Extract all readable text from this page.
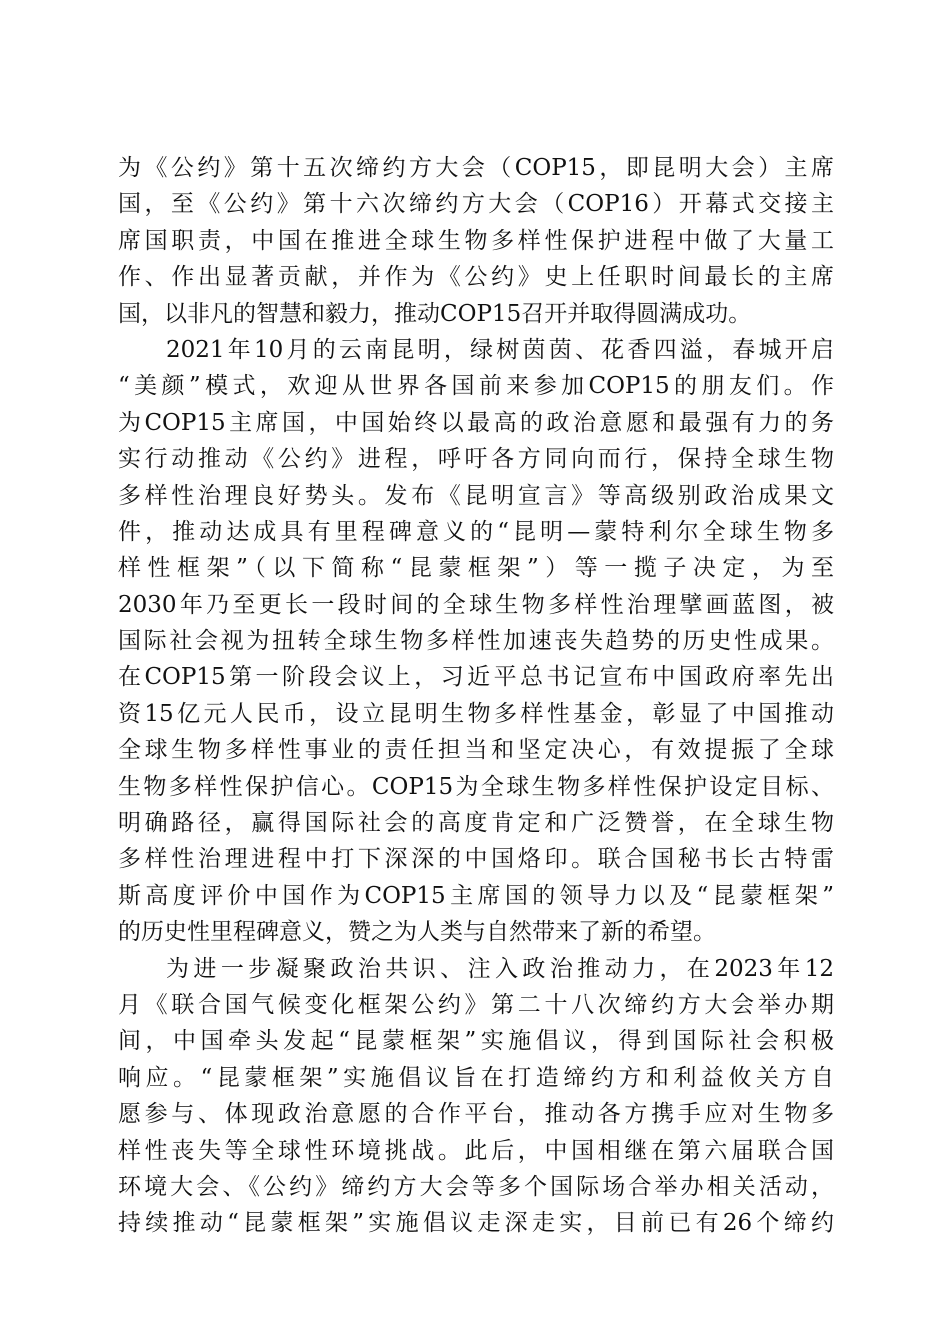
为《公约》第十五次缔约方大会（COP15，即昆明大会）主席
国，至《公约》第十六次缔约方大会（COP16）开幕式交接主
席国职责，中国在推进全球生物多样性保护进程中做了大量工
作、作出显著贡献，并作为《公约》史上任职时间最长的主席
国，以非凡的智慧和毅力，推动COP15召开并取得圆满成功。
2021年10月的云南昆明，绿树茵茵、花香四溢，春城开启
“美颜”模式，欢迎从世界各国前来参加COP15的朋友们。作
为COP15主席国，中国始终以最高的政治意愿和最强有力的务
实行动推动《公约》进程，呼吁各方同向而行，保持全球生物
多样性治理良好势头。发布《昆明宣言》等高级别政治成果文
件，推动达成具有里程碑意义的“昆明—蒙特利尔全球生物多
样性框架”（以下简称“昆蒙框架”）等一揽子决定，为至
2030年乃至更长一段时间的全球生物多样性治理擘画蓝图，被
国际社会视为扭转全球生物多样性加速丧失趋势的历史性成果。
在COP15第一阶段会议上，习近平总书记宣布中国政府率先出
资15亿元人民币，设立昆明生物多样性基金，彰显了中国推动
全球生物多样性事业的责任担当和坚定决心，有效提振了全球
生物多样性保护信心。COP15为全球生物多样性保护设定目标、
明确路径，赢得国际社会的高度肯定和广泛赞誉，在全球生物
多样性治理进程中打下深深的中国烙印。联合国秘书长古特雷
斯高度评价中国作为COP15主席国的领导力以及“昆蒙框架”
的历史性里程碑意义，赞之为人类与自然带来了新的希望。
为进一步凝聚政治共识、注入政治推动力，在2023年12
月《联合国气候变化框架公约》第二十八次缔约方大会举办期
间，中国牵头发起“昆蒙框架”实施倡议，得到国际社会积极
响应。“昆蒙框架”实施倡议旨在打造缔约方和利益攸关方自
愿参与、体现政治意愿的合作平台，推动各方携手应对生物多
样性丧失等全球性环境挑战。此后，中国相继在第六届联合国
环境大会、《公约》缔约方大会等多个国际场合举办相关活动，
持续推动“昆蒙框架”实施倡议走深走实，目前已有26个缔约
